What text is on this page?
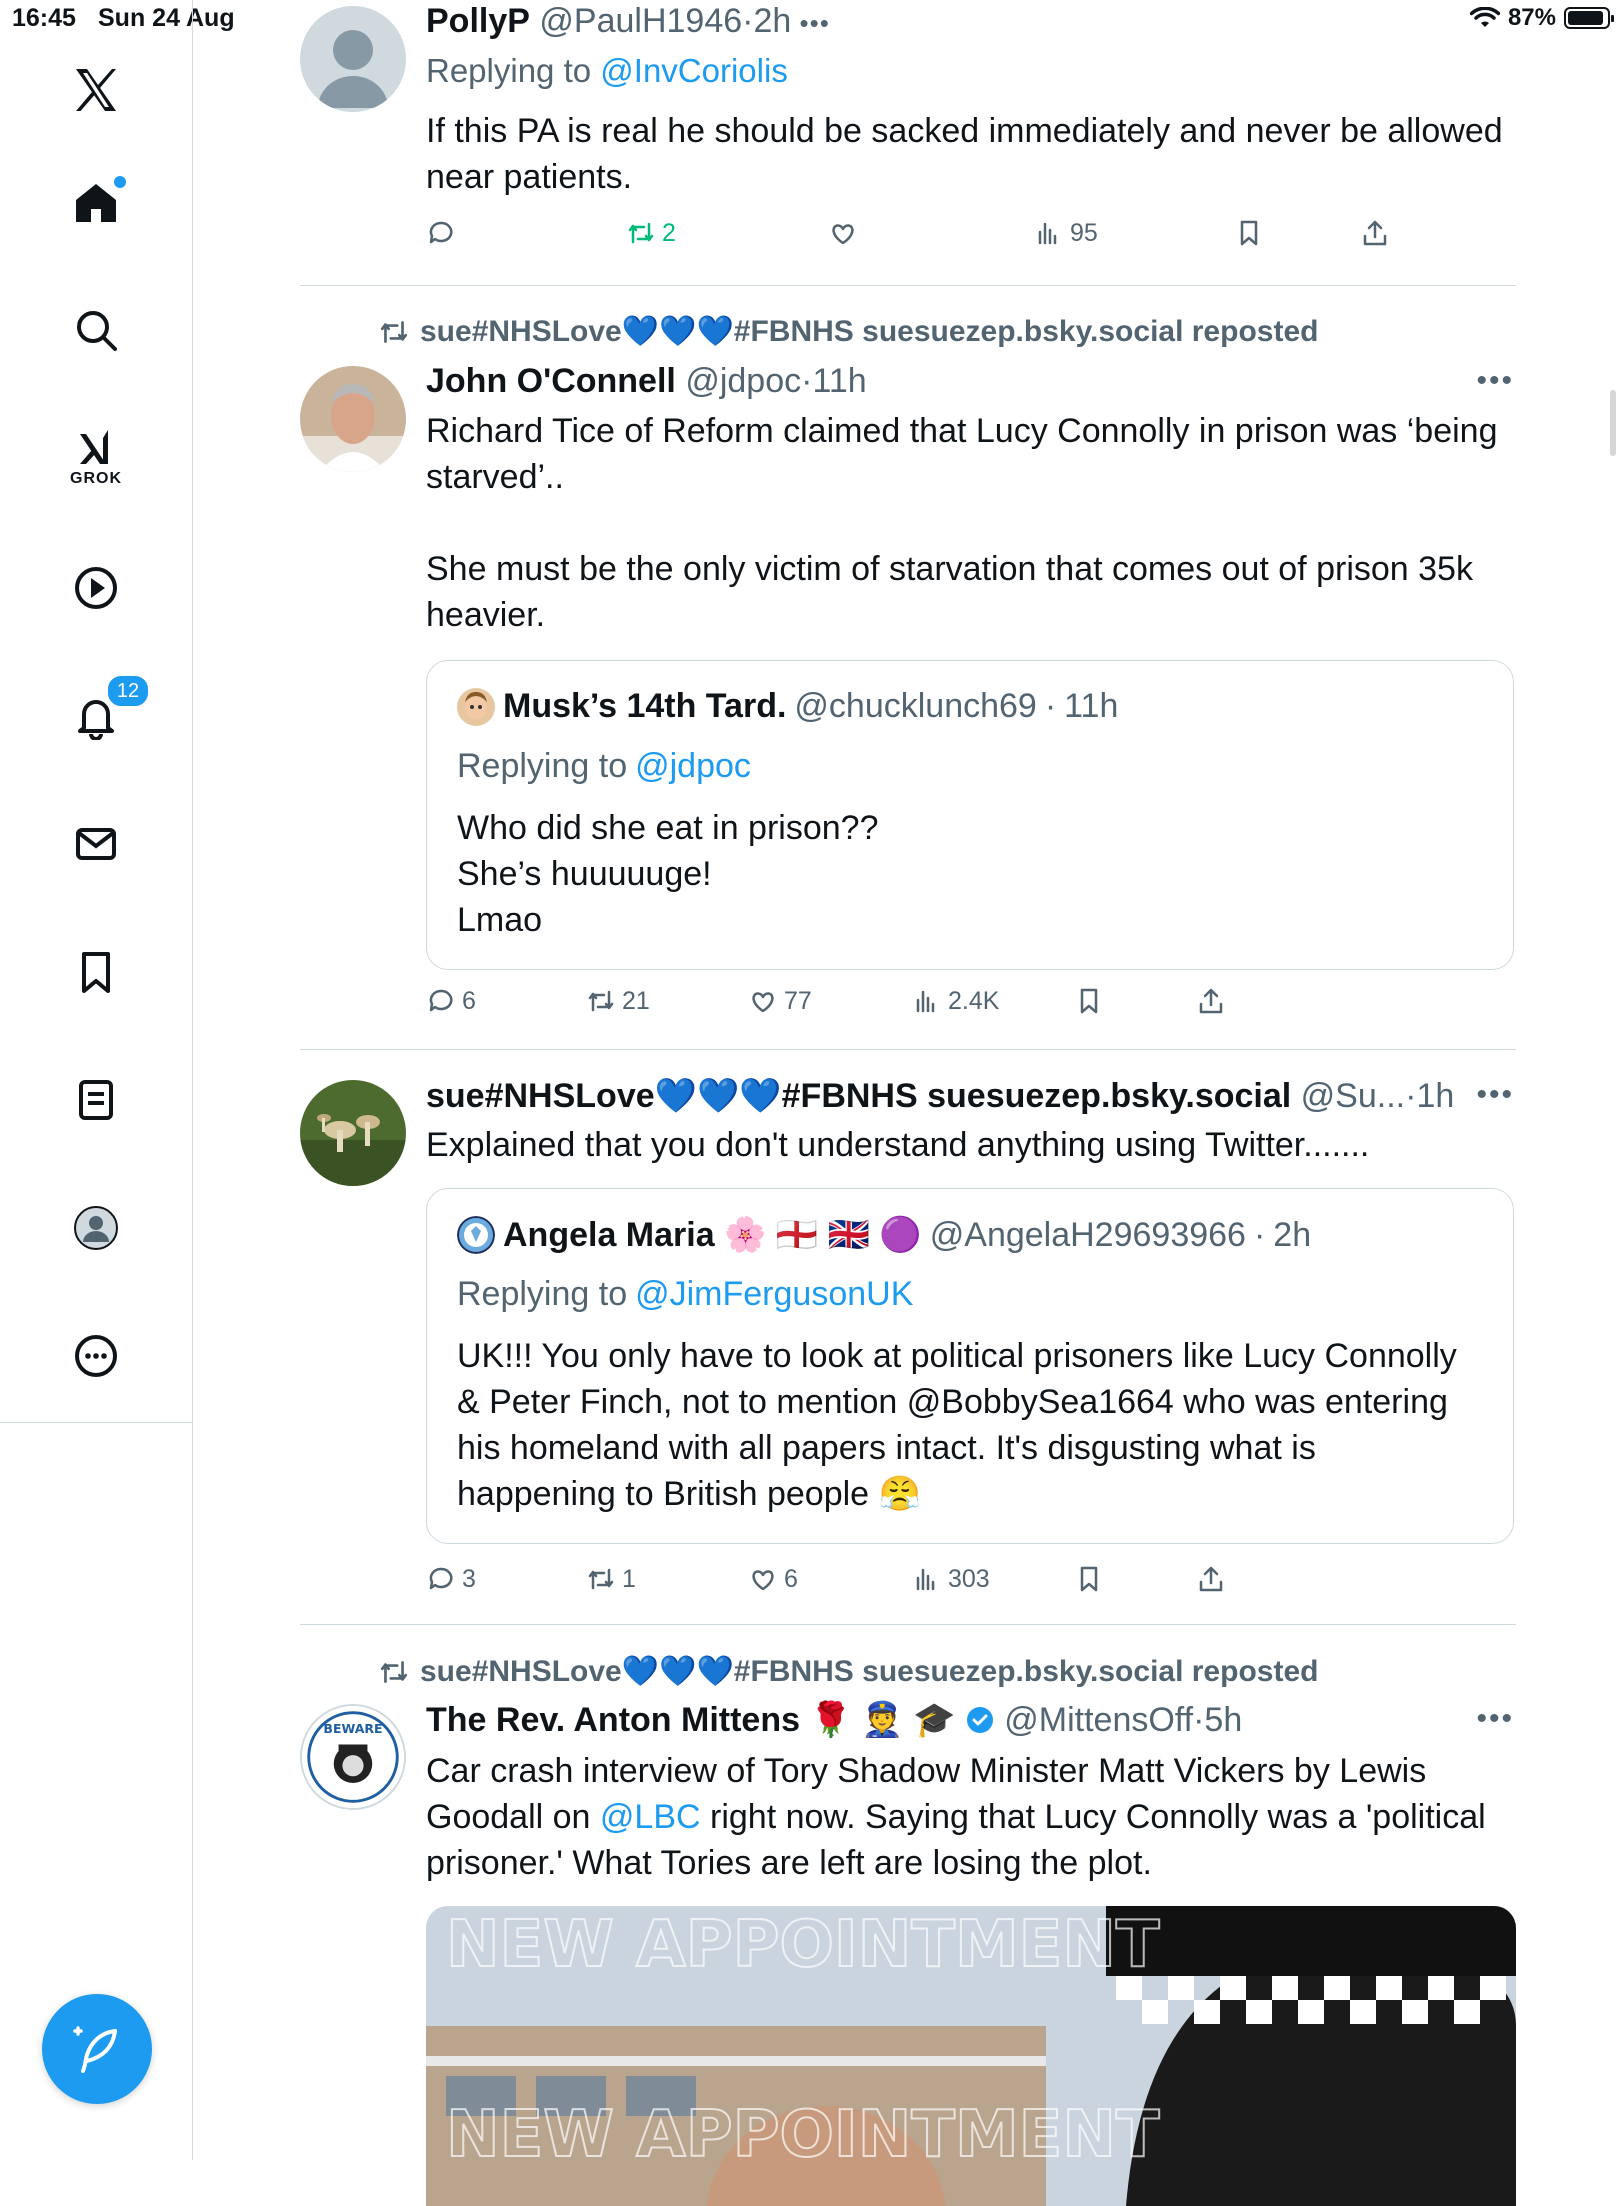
16:45 Sun 24 Aug	87%
GROK
12
PollyP @PaulH1946·2h •••
Replying to @InvCoriolis
If this PA is real he should be sacked immediately and never be allowed
near patients.
2	95
sue#NHSLove💙💙💙#FBNHS suesuezep.bsky.social reposted
John O'Connell @jdpoc·11h	•••
Richard Tice of Reform claimed that Lucy Connolly in prison was ‘being
starved’..
She must be the only victim of starvation that comes out of prison 35k
heavier.
Musk’s 14th Tard. @chucklunch69 · 11h
Replying to @jdpoc
Who did she eat in prison??
She’s huuuuuge!
Lmao
6	21	77	2.4K
sue#NHSLove💙💙💙#FBNHS suesuezep.bsky.social @Su...·1h •••
Explained that you don't understand anything using Twitter.......
Angela Maria 🌸 🏴󠁧󠁢󠁥󠁮󠁧󠁿 🇬🇧 🟣 @AngelaH29693966 · 2h
Replying to @JimFergusonUK
UK!!! You only have to look at political prisoners like Lucy Connolly
& Peter Finch, not to mention @BobbySea1664 who was entering
his homeland with all papers intact. It's disgusting what is
happening to British people 😤
3	1	6	303
sue#NHSLove💙💙💙#FBNHS suesuezep.bsky.social reposted
BEWARE The Rev. Anton Mittens 🌹 👮 🎓 @MittensOff·5h	•••
Car crash interview of Tory Shadow Minister Matt Vickers by Lewis
Goodall on @LBC right now. Saying that Lucy Connolly was a 'political
prisoner.' What Tories are left are losing the plot.
NEW APPOINTMENT
NEW APPOINTMENT
